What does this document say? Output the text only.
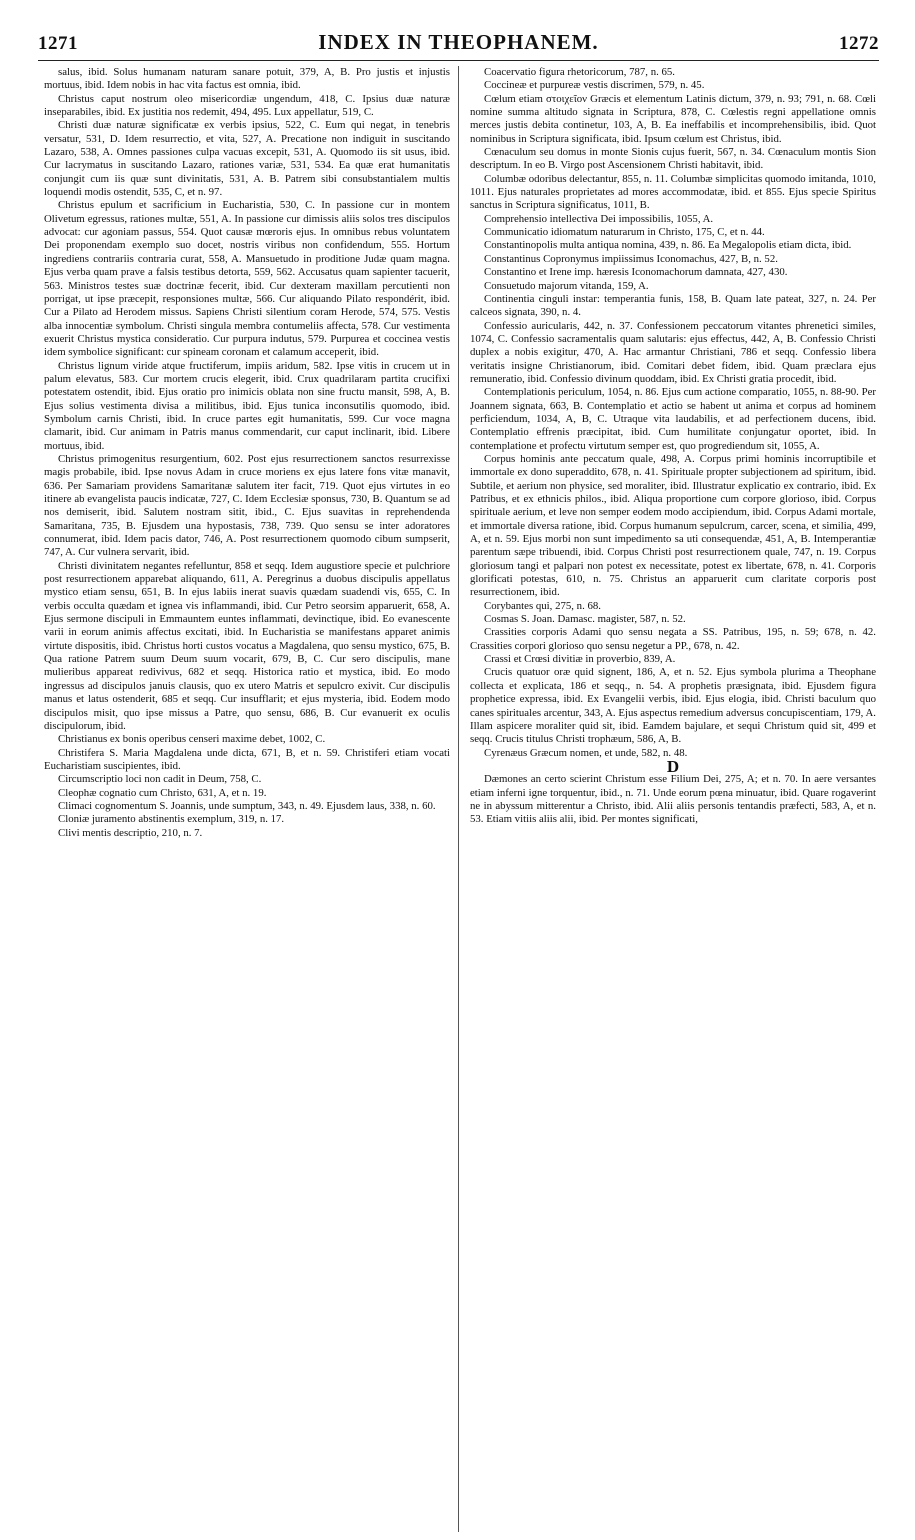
1271	INDEX IN THEOPHANEM.	1272

salus, ibid. Solus humanam naturam sanare potuit, 379, A, B. Pro justis et injustis mortuus, ibid. Idem nobis in hac vita factus est omnia, ibid.

Christus caput nostrum oleo misericordiæ ungendum, 418, C. Ipsius duæ naturæ inseparabiles, ibid. Ex justitia nos redemit, 494, 495. Lux appellatur, 519, C.

Christi duæ naturæ significatæ ex verbis ipsius, 522, C. Eum qui negat, in tenebris versatur, 531, D. Idem resurrectio, et vita, 527, A. Precatione non indiguit in suscitando Lazaro, 538, A. Omnes passiones culpa vacuas excepit, 531, A. Quomodo iis sit usus, ibid. Cur lacrymatus in suscitando Lazaro, rationes variæ, 531, 534. Ea quæ erat humanitatis conjungit cum iis quæ sunt divinitatis, 531, A. B. Patrem sibi consubstantialem multis loquendi modis ostendit, 535, C, et n. 97.

Christus epulum et sacrificium in Eucharistia, 530, C. In passione cur in montem Olivetum egressus, rationes multæ, 551, A. In passione cur dimissis aliis solos tres discipulos advocat: cur agoniam passus, 554. Quot causæ mœroris ejus. In omnibus rebus voluntatem Dei proponendam exemplo suo docet, nostris viribus non confidendum, 555. Hortum ingrediens contrariis contraria curat, 558, A. Mansuetudo in proditione Judæ quam magna. Ejus verba quam prave a falsis testibus detorta, 559, 562. Accusatus quam sapienter tacuerit, 563. Ministros testes suæ doctrinæ fecerit, ibid. Cur dexteram maxillam percutienti non porrigat, ut ipse præcepit, responsiones multæ, 566. Cur aliquando Pilato respondérit, ibid. Cur a Pilato ad Herodem missus. Sapiens Christi silentium coram Herode, 574, 575. Vestis alba innocentiæ symbolum. Christi singula membra contumeliis affecta, 578. Cur vestimenta exuerit Christus mystica consideratio. Cur purpura indutus, 579. Purpurea et coccinea vestis idem symbolice significant: cur spineam coronam et calamum acceperit, ibid.

Christus lignum viride atque fructiferum, impiis aridum, 582. Ipse vitis in crucem ut in palum elevatus, 583. Cur mortem crucis elegerit, ibid. Crux quadrilaram partita crucifixi potestatem ostendit, ibid. Ejus oratio pro inimicis oblata non sine fructu mansit, 598, A, B. Ejus solius vestimenta divisa a militibus, ibid. Ejus tunica inconsutilis quomodo, ibid. Symbolum carnis Christi, ibid. In cruce partes egit humanitatis, 599. Cur voce magna clamarit, ibid. Cur animam in Patris manus commendarit, cur caput inclinarit, ibid. Libere mortuus, ibid.

Christus primogenitus resurgentium, 602. Post ejus resurrectionem sanctos resurrexisse magis probabile, ibid. Ipse novus Adam in cruce moriens ex ejus latere fons vitæ manavit, 636. Per Samariam providens Samaritanæ salutem iter facit, 719. Quot ejus virtutes in eo itinere ab evangelista paucis indicatæ, 727, C. Idem Ecclesiæ sponsus, 730, B. Quantum se ad nos demiserit, ibid. Salutem nostram sitit, ibid., C. Ejus suavitas in reprehendenda Samaritana, 735, B. Ejusdem una hypostasis, 738, 739. Quo sensu se inter adoratores connumerat, ibid. Idem pacis dator, 746, A. Post resurrectionem quomodo cibum sumpserit, 747, A. Cur vulnera servarit, ibid.

Christi divinitatem negantes refelluntur, 858 et seqq. Idem augustiore specie et pulchriore post resurrectionem apparebat aliquando, 611, A. Peregrinus a duobus discipulis appellatus mystico etiam sensu, 651, B. In ejus labiis inerat suavis quædam suadendi vis, 655, C. In verbis occulta quædam et ignea vis inflammandi, ibid. Cur Petro seorsim apparuerit, 658, A. Ejus sermone discipuli in Emmauntem euntes inflammati, devinctique, ibid. Eo evanescente varii in eorum animis affectus excitati, ibid. In Eucharistia se manifestans apparet animis virtute dispositis, ibid. Christus horti custos vocatus a Magdalena, quo sensu mystico, 675, B. Qua ratione Patrem suum Deum suum vocarit, 679, B, C. Cur sero discipulis, mane mulieribus appareat redivivus, 682 et seqq. Historica ratio et mystica, ibid. Eo modo ingressus ad discipulos januis clausis, quo ex utero Matris et sepulcro exivit. Cur discipulis manus et latus ostenderit, 685 et seqq. Cur insufflarit; et ejus mysteria, ibid. Eodem modo discipulos misit, quo ipse missus a Patre, quo sensu, 686, B. Cur evanuerit ex oculis discipulorum, ibid.

Christianus ex bonis operibus censeri maxime debet, 1002, C.

Christifera S. Maria Magdalena unde dicta, 671, B, et n. 59. Christiferi etiam vocati Eucharistiam suscipientes, ibid.

Circumscriptio loci non cadit in Deum, 758, C.

Cleophæ cognatio cum Christo, 631, A, et n. 19.

Climaci cognomentum S. Joannis, unde sumptum, 343, n. 49. Ejusdem laus, 338, n. 60.

Cloniæ juramento abstinentis exemplum, 319, n. 17.

Clivi mentis descriptio, 210, n. 7.

Coacervatio figura rhetoricorum, 787, n. 65.

Coccineæ et purpureæ vestis discrimen, 579, n. 45.

Cœlum etiam στοιχεῖον Græcis et elementum Latinis dictum, 379, n. 93; 791, n. 68. Cœli nomine summa altitudo signata in Scriptura, 878, C. Cœlestis regni appellatione omnis merces justis debita continetur, 103, A, B. Ea ineffabilis et incomprehensibilis, ibid. Quot nominibus in Scriptura significata, ibid. Ipsum cœlum est Christus, ibid.

Cœnaculum seu domus in monte Sionis cujus fuerit, 567, n. 34. Cœnaculum montis Sion descriptum. In eo B. Virgo post Ascensionem Christi habitavit, ibid.

Columbæ odoribus delectantur, 855, n. 11. Columbæ simplicitas quomodo imitanda, 1010, 1011. Ejus naturales proprietates ad mores accommodatæ, ibid. et 855. Ejus specie Spiritus sanctus in Scriptura significatus, 1011, B.

Comprehensio intellectiva Dei impossibilis, 1055, A.

Communicatio idiomatum naturarum in Christo, 175, C, et n. 44.

Constantinopolis multa antiqua nomina, 439, n. 86. Ea Megalopolis etiam dicta, ibid.

Constantinus Copronymus impiissimus Iconomachus, 427, B, n. 52.

Constantino et Irene imp. hæresis Iconomachorum damnata, 427, 430.

Consuetudo majorum vitanda, 159, A.

Continentia cinguli instar: temperantia funis, 158, B. Quam late pateat, 327, n. 24. Per calceos signata, 390, n. 4.

Confessio auricularis, 442, n. 37. Confessionem peccatorum vitantes phrenetici similes, 1074, C. Confessio sacramentalis quam salutaris: ejus effectus, 442, A, B. Confessio Christi duplex a nobis exigitur, 470, A. Hac armantur Christiani, 786 et seqq. Confessio libera veritatis insigne Christianorum, ibid. Comitari debet fidem, ibid. Quam præclara ejus remuneratio, ibid. Confessio divinum quoddam, ibid. Ex Christi gratia procedit, ibid.

Contemplationis periculum, 1054, n. 86. Ejus cum actione comparatio, 1055, n. 88-90. Per Joannem signata, 663, B. Contemplatio et actio se habent ut anima et corpus ad hominem perficiendum, 1034, A, B, C. Utraque vita laudabilis, et ad perfectionem ducens, ibid. Contemplatio effrenis præcipitat, ibid. Cum humilitate conjungatur oportet, ibid. In contemplatione et profectu virtutum semper est, quo progrediendum sit, 1055, A.

Corpus hominis ante peccatum quale, 498, A. Corpus primi hominis incorruptibile et immortale ex dono superaddito, 678, n. 41. Spirituale propter subjectionem ad spiritum, ibid. Subtile, et aerium non physice, sed moraliter, ibid. Illustratur explicatio ex contrario, ibid. Ex Patribus, et ex ethnicis philos., ibid. Aliqua proportione cum corpore glorioso, ibid. Corpus spirituale aerium, et leve non semper eodem modo accipiendum, ibid. Corpus Adami mortale, et immortale diversa ratione, ibid. Corpus humanum sepulcrum, carcer, scena, et similia, 499, A, et n. 59. Ejus morbi non sunt impedimento sa uti consequendæ, 451, A, B. Intemperantiæ parentum sæpe tribuendi, ibid. Corpus Christi post resurrectionem quale, 747, n. 19. Corpus gloriosum tangi et palpari non potest ex necessitate, potest ex libertate, 678, n. 41. Corporis glorificati potestas, 610, n. 75. Christus an apparuerit cum claritate corporis post resurrectionem, ibid.

Corybantes qui, 275, n. 68.

Cosmas S. Joan. Damasc. magister, 587, n. 52.

Crassities corporis Adami quo sensu negata a SS. Patribus, 195, n. 59; 678, n. 42. Crassities corpori glorioso quo sensu negetur a PP., 678, n. 42.

Crassi et Crœsi divitiæ in proverbio, 839, A.

Crucis quatuor oræ quid signent, 186, A, et n. 52. Ejus symbola plurima a Theophane collecta et explicata, 186 et seqq., n. 54. A prophetis præsignata, ibid. Ejusdem figura prophetice expressa, ibid. Ex Evangelii verbis, ibid. Ejus elogia, ibid. Christi baculum quo canes spirituales arcentur, 343, A. Ejus aspectus remedium adversus concupiscentiam, 179, A. Illam aspicere moraliter quid sit, ibid. Eamdem bajulare, et sequi Christum quid sit, 499 et seqq. Crucis titulus Christi trophæum, 586, A, B.

Cyrenæus Græcum nomen, et unde, 582, n. 48.

D

Dæmones an certo scierint Christum esse Filium Dei, 275, A; et n. 70. In aere versantes etiam inferni igne torquentur, ibid., n. 71. Unde eorum pœna minuatur, ibid. Quare rogaverint ne in abyssum mitterentur a Christo, ibid. Alii aliis personis tentandis præfecti, 583, A, et n. 53. Etiam vitiis aliis alii, ibid. Per montes significati,
